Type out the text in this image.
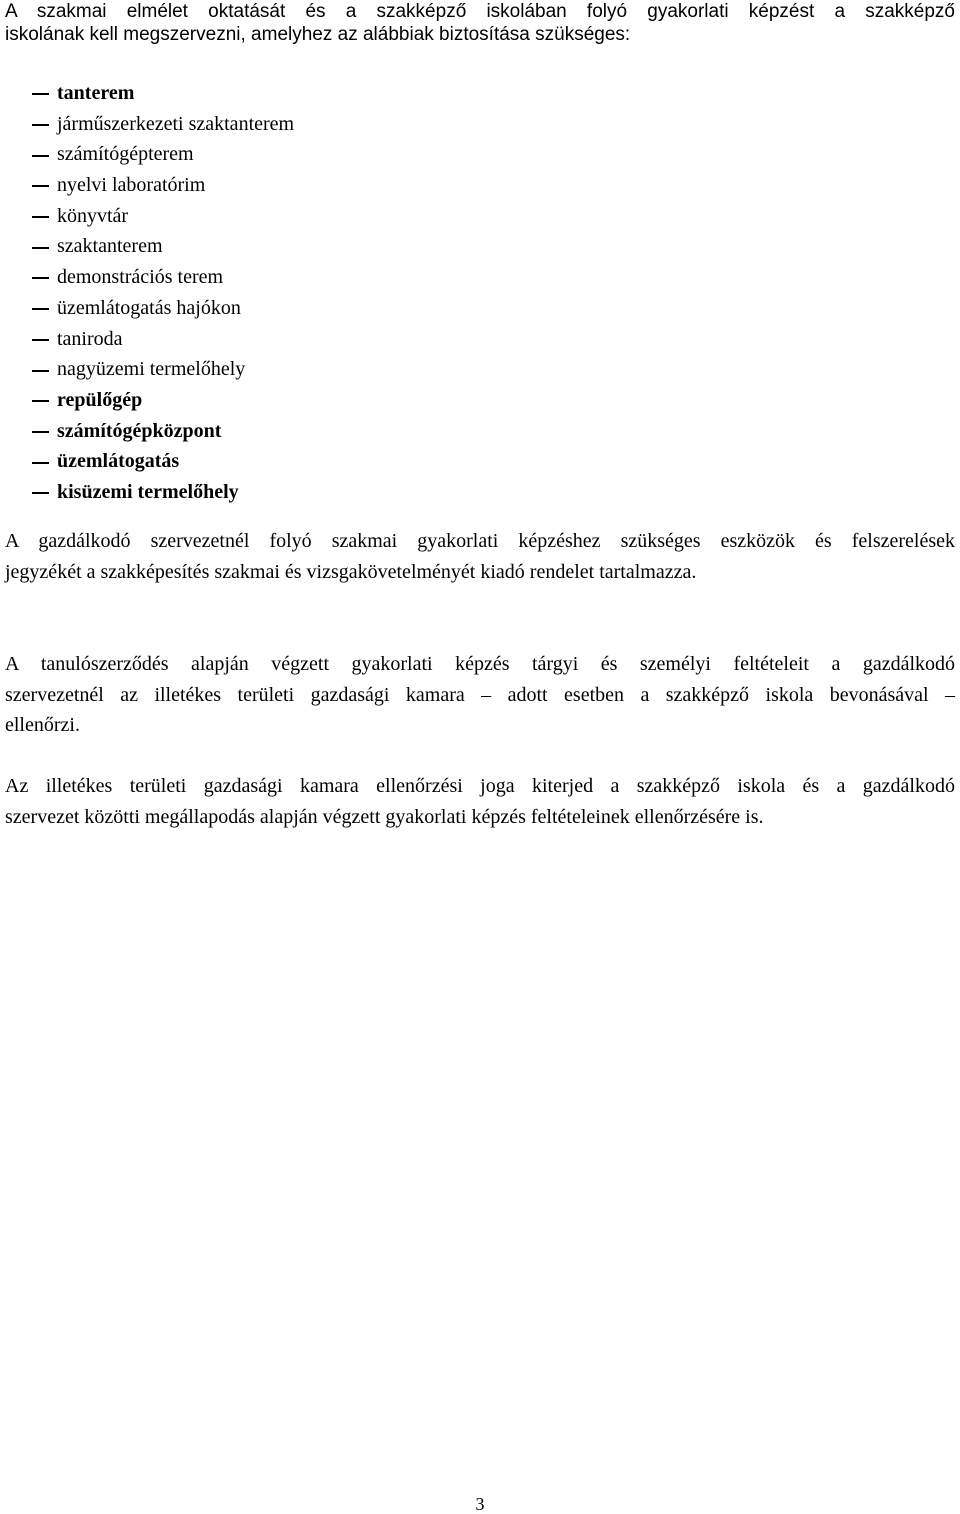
A szakmai elmélet oktatását és a szakképző iskolában folyó gyakorlati képzést a szakképző
iskolának kell megszervezni, amelyhez az alábbiak biztosítása szükséges:

tanterem
járműszerkezeti szaktanterem
számítógépterem
nyelvi laboratórim
könyvtár
szaktanterem
demonstrációs terem
üzemlátogatás hajókon
taniroda
nagyüzemi termelőhely
repülőgép
számítógépközpont
üzemlátogatás
kisüzemi termelőhely

A gazdálkodó szervezetnél folyó szakmai gyakorlati képzéshez szükséges eszközök és felszerelések
jegyzékét a szakképesítés szakmai és vizsgakövetelményét kiadó rendelet tartalmazza.

A tanulószerződés alapján végzett gyakorlati képzés tárgyi és személyi feltételeit a gazdálkodó
szervezetnél az illetékes területi gazdasági kamara – adott esetben a szakképző iskola bevonásával –
ellenőrzi.

Az illetékes területi gazdasági kamara ellenőrzési joga kiterjed a szakképző iskola és a gazdálkodó
szervezet közötti megállapodás alapján végzett gyakorlati képzés feltételeinek ellenőrzésére is.

3
